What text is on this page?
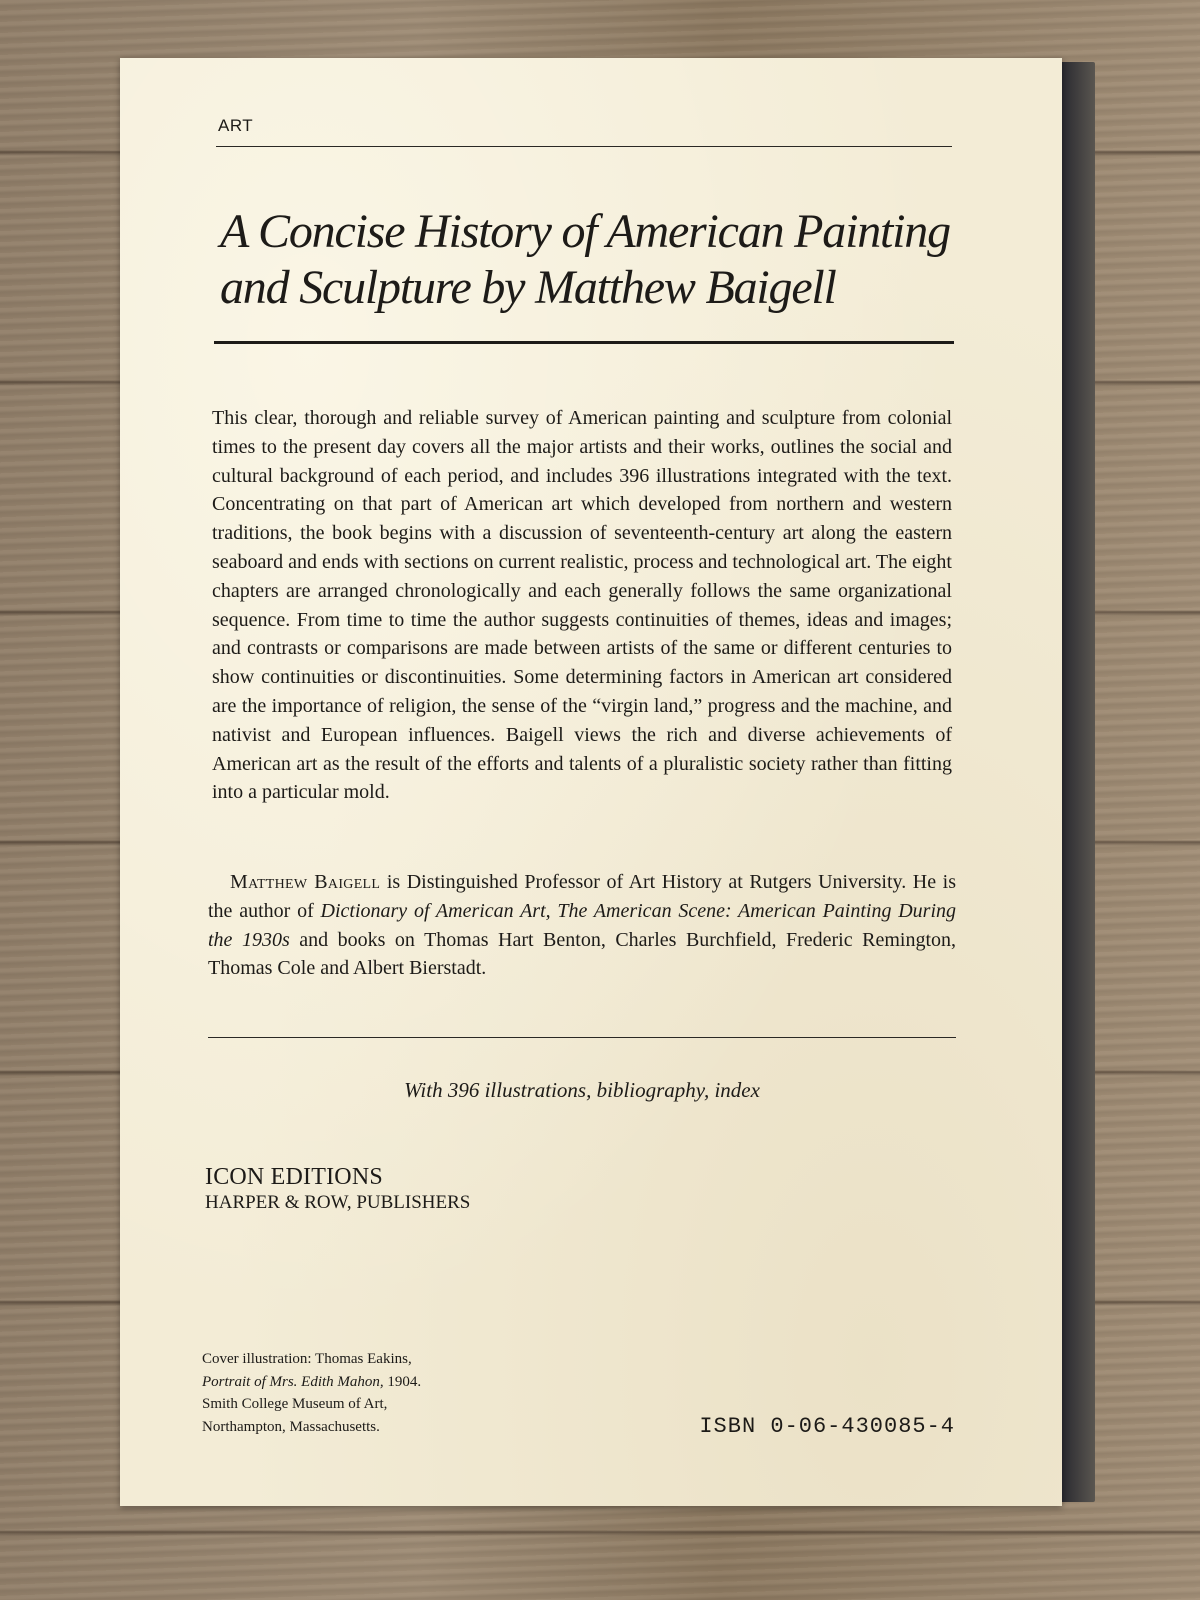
ART
A Concise History of American Painting and Sculpture by Matthew Baigell

This clear, thorough and reliable survey of American painting and sculpture from colonial times to the present day covers all the major artists and their works, outlines the social and cultural background of each period, and includes 396 illustrations integrated with the text. Concentrating on that part of American art which developed from northern and western traditions, the book begins with a discussion of seventeenth-century art along the eastern seaboard and ends with sections on current realistic, process and technological art. The eight chapters are arranged chronologically and each generally follows the same organizational sequence. From time to time the author suggests continuities of themes, ideas and images; and contrasts or comparisons are made between artists of the same or different centuries to show continuities or discontinuities. Some determining factors in American art considered are the importance of religion, the sense of the “virgin land,” progress and the machine, and nativist and European influences. Baigell views the rich and diverse achievements of American art as the result of the efforts and talents of a pluralistic society rather than fitting into a particular mold.

Matthew Baigell is Distinguished Professor of Art History at Rutgers University. He is the author of Dictionary of American Art, The American Scene: American Painting During the 1930s and books on Thomas Hart Benton, Charles Burchfield, Frederic Remington, Thomas Cole and Albert Bierstadt.

With 396 illustrations, bibliography, index
ICON EDITIONS
HARPER & ROW, PUBLISHERS
Cover illustration: Thomas Eakins,
Portrait of Mrs. Edith Mahon, 1904.
Smith College Museum of Art,
Northampton, Massachusetts.	ISBN 0-06-430085-4
